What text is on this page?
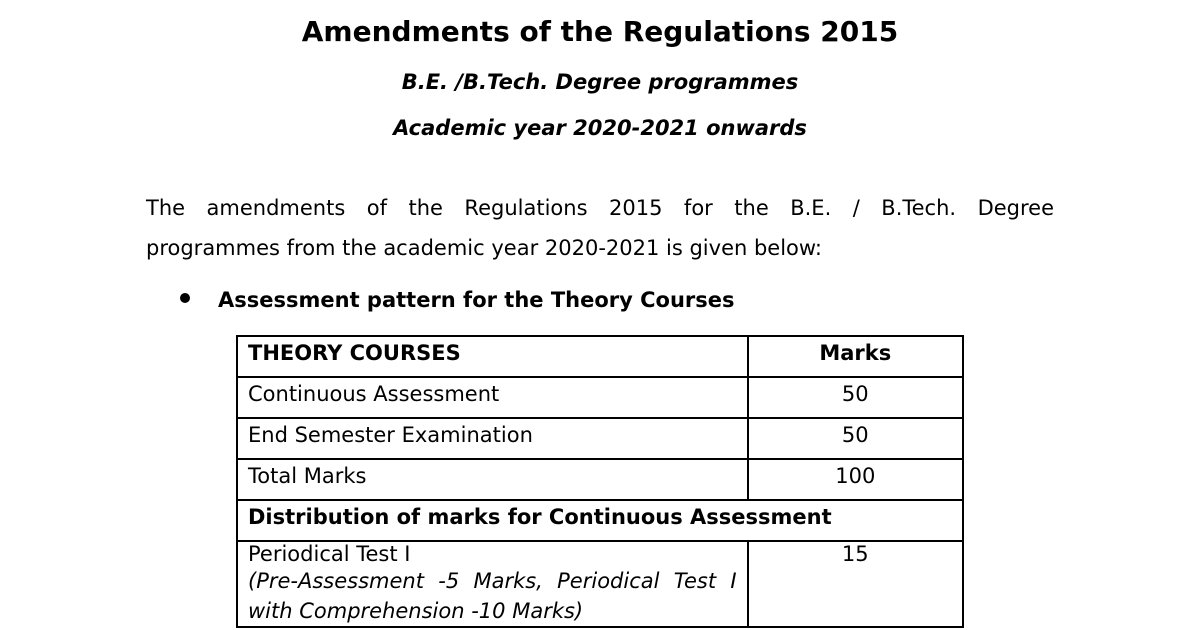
Amendments of the Regulations 2015

B.E. /B.Tech. Degree programmes

Academic year 2020-2021 onwards

The amendments of the Regulations 2015 for the B.E. / B.Tech. Degree
programmes from the academic year 2020-2021 is given below:

Assessment pattern for the Theory Courses
THEORY COURSES	Marks
Continuous Assessment	50
End Semester Examination	50
Total Marks	100
Distribution of marks for Continuous Assessment	
Periodical Test I
(Pre-Assessment -5 Marks, Periodical Test I with Comprehension -10 Marks)	15
